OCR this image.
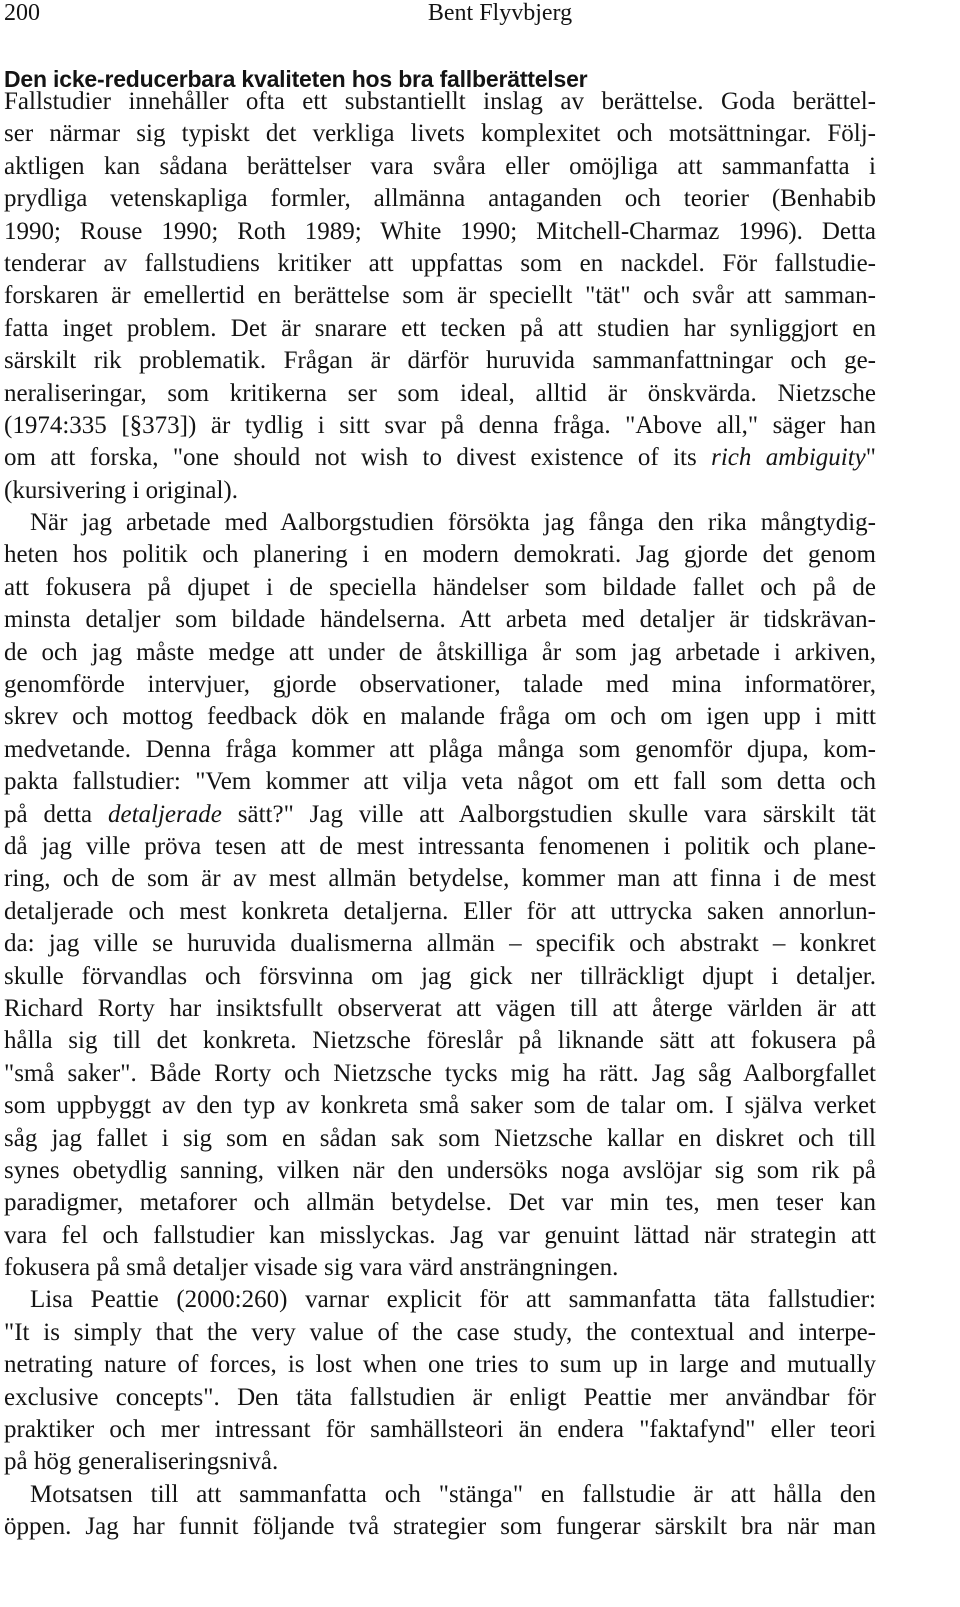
200	Bent Flyvbjerg
Den icke-reducerbara kvaliteten hos bra fallberättelser
Fallstudier innehåller ofta ett substantiellt inslag av berättelse. Goda berättel-
ser närmar sig typiskt det verkliga livets komplexitet och motsättningar. Följ-
aktligen kan sådana berättelser vara svåra eller omöjliga att sammanfatta i
prydliga vetenskapliga formler, allmänna antaganden och teorier (Benhabib
1990; Rouse 1990; Roth 1989; White 1990; Mitchell-Charmaz 1996). Detta
tenderar av fallstudiens kritiker att uppfattas som en nackdel. För fallstudie-
forskaren är emellertid en berättelse som är speciellt "tät" och svår att samman-
fatta inget problem. Det är snarare ett tecken på att studien har synliggjort en
särskilt rik problematik. Frågan är därför huruvida sammanfattningar och ge-
neraliseringar, som kritikerna ser som ideal, alltid är önskvärda. Nietzsche
(1974:335 [§373]) är tydlig i sitt svar på denna fråga. "Above all," säger han
om att forska, "one should not wish to divest existence of its rich ambiguity"
(kursivering i original).
När jag arbetade med Aalborgstudien försökta jag fånga den rika mångtydig-
heten hos politik och planering i en modern demokrati. Jag gjorde det genom
att fokusera på djupet i de speciella händelser som bildade fallet och på de
minsta detaljer som bildade händelserna. Att arbeta med detaljer är tidskrävan-
de och jag måste medge att under de åtskilliga år som jag arbetade i arkiven,
genomförde intervjuer, gjorde observationer, talade med mina informatörer,
skrev och mottog feedback dök en malande fråga om och om igen upp i mitt
medvetande. Denna fråga kommer att plåga många som genomför djupa, kom-
pakta fallstudier: "Vem kommer att vilja veta något om ett fall som detta och
på detta detaljerade sätt?" Jag ville att Aalborgstudien skulle vara särskilt tät
då jag ville pröva tesen att de mest intressanta fenomenen i politik och plane-
ring, och de som är av mest allmän betydelse, kommer man att finna i de mest
detaljerade och mest konkreta detaljerna. Eller för att uttrycka saken annorlun-
da: jag ville se huruvida dualismerna allmän – specifik och abstrakt – konkret
skulle förvandlas och försvinna om jag gick ner tillräckligt djupt i detaljer.
Richard Rorty har insiktsfullt observerat att vägen till att återge världen är att
hålla sig till det konkreta. Nietzsche föreslår på liknande sätt att fokusera på
"små saker". Både Rorty och Nietzsche tycks mig ha rätt. Jag såg Aalborgfallet
som uppbyggt av den typ av konkreta små saker som de talar om. I själva verket
såg jag fallet i sig som en sådan sak som Nietzsche kallar en diskret och till
synes obetydlig sanning, vilken när den undersöks noga avslöjar sig som rik på
paradigmer, metaforer och allmän betydelse. Det var min tes, men teser kan
vara fel och fallstudier kan misslyckas. Jag var genuint lättad när strategin att
fokusera på små detaljer visade sig vara värd ansträngningen.
Lisa Peattie (2000:260) varnar explicit för att sammanfatta täta fallstudier:
"It is simply that the very value of the case study, the contextual and interpe-
netrating nature of forces, is lost when one tries to sum up in large and mutually
exclusive concepts". Den täta fallstudien är enligt Peattie mer användbar för
praktiker och mer intressant för samhällsteori än endera "faktafynd" eller teori
på hög generaliseringsnivå.
Motsatsen till att sammanfatta och "stänga" en fallstudie är att hålla den
öppen. Jag har funnit följande två strategier som fungerar särskilt bra när man
